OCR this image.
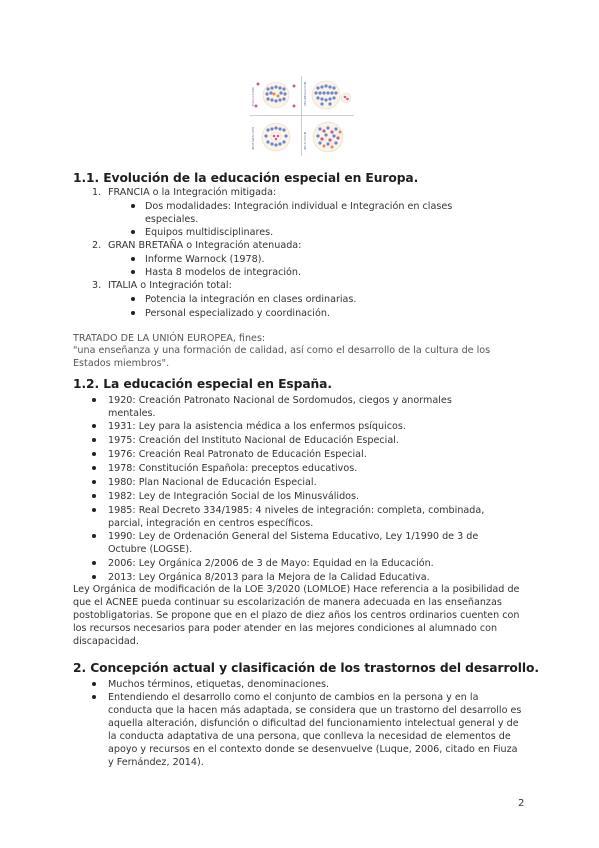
EXCLUSIÓN	SEGREGACIÓN
INTEGRACIÓN	INCLUSIÓN
1.1. Evolución de la educación especial en Europa.
1. FRANCIA o la Integración mitigada:
Dos modalidades: Integración individual e Integración en clases especiales.
Equipos multidisciplinares.
2. GRAN BRETAÑA o Integración atenuada:
Informe Warnock (1978).
Hasta 8 modelos de integración.
3. ITALIA o Integración total:
Potencia la integración en clases ordinarias.
Personal especializado y coordinación.
TRATADO DE LA UNIÓN EUROPEA, fines:
"una enseñanza y una formación de calidad, así como el desarrollo de la cultura de los Estados miembros".
1.2. La educación especial en España.
1920: Creación Patronato Nacional de Sordomudos, ciegos y anormales mentales.
1931: Ley para la asistencia médica a los enfermos psíquicos.
1975: Creación del Instituto Nacional de Educación Especial.
1976: Creación Real Patronato de Educación Especial.
1978: Constitución Española: preceptos educativos.
1980: Plan Nacional de Educación Especial.
1982: Ley de Integración Social de los Minusválidos.
1985: Real Decreto 334/1985: 4 niveles de integración: completa, combinada, parcial, integración en centros específicos.
1990: Ley de Ordenación General del Sistema Educativo, Ley 1/1990 de 3 de Octubre (LOGSE).
2006: Ley Orgánica 2/2006 de 3 de Mayo: Equidad en la Educación.
2013: Ley Orgánica 8/2013 para la Mejora de la Calidad Educativa.
Ley Orgánica de modificación de la LOE 3/2020 (LOMLOE) Hace referencia a la posibilidad de que el ACNEE pueda continuar su escolarización de manera adecuada en las enseñanzas postobligatorias. Se propone que en el plazo de diez años los centros ordinarios cuenten con los recursos necesarios para poder atender en las mejores condiciones al alumnado con discapacidad.
2. Concepción actual y clasificación de los trastornos del desarrollo.
Muchos términos, etiquetas, denominaciones.
Entendiendo el desarrollo como el conjunto de cambios en la persona y en la conducta que la hacen más adaptada, se considera que un trastorno del desarrollo es aquella alteración, disfunción o dificultad del funcionamiento intelectual general y de la conducta adaptativa de una persona, que conlleva la necesidad de elementos de apoyo y recursos en el contexto donde se desenvuelve (Luque, 2006, citado en Fiuza y Fernández, 2014).
2
